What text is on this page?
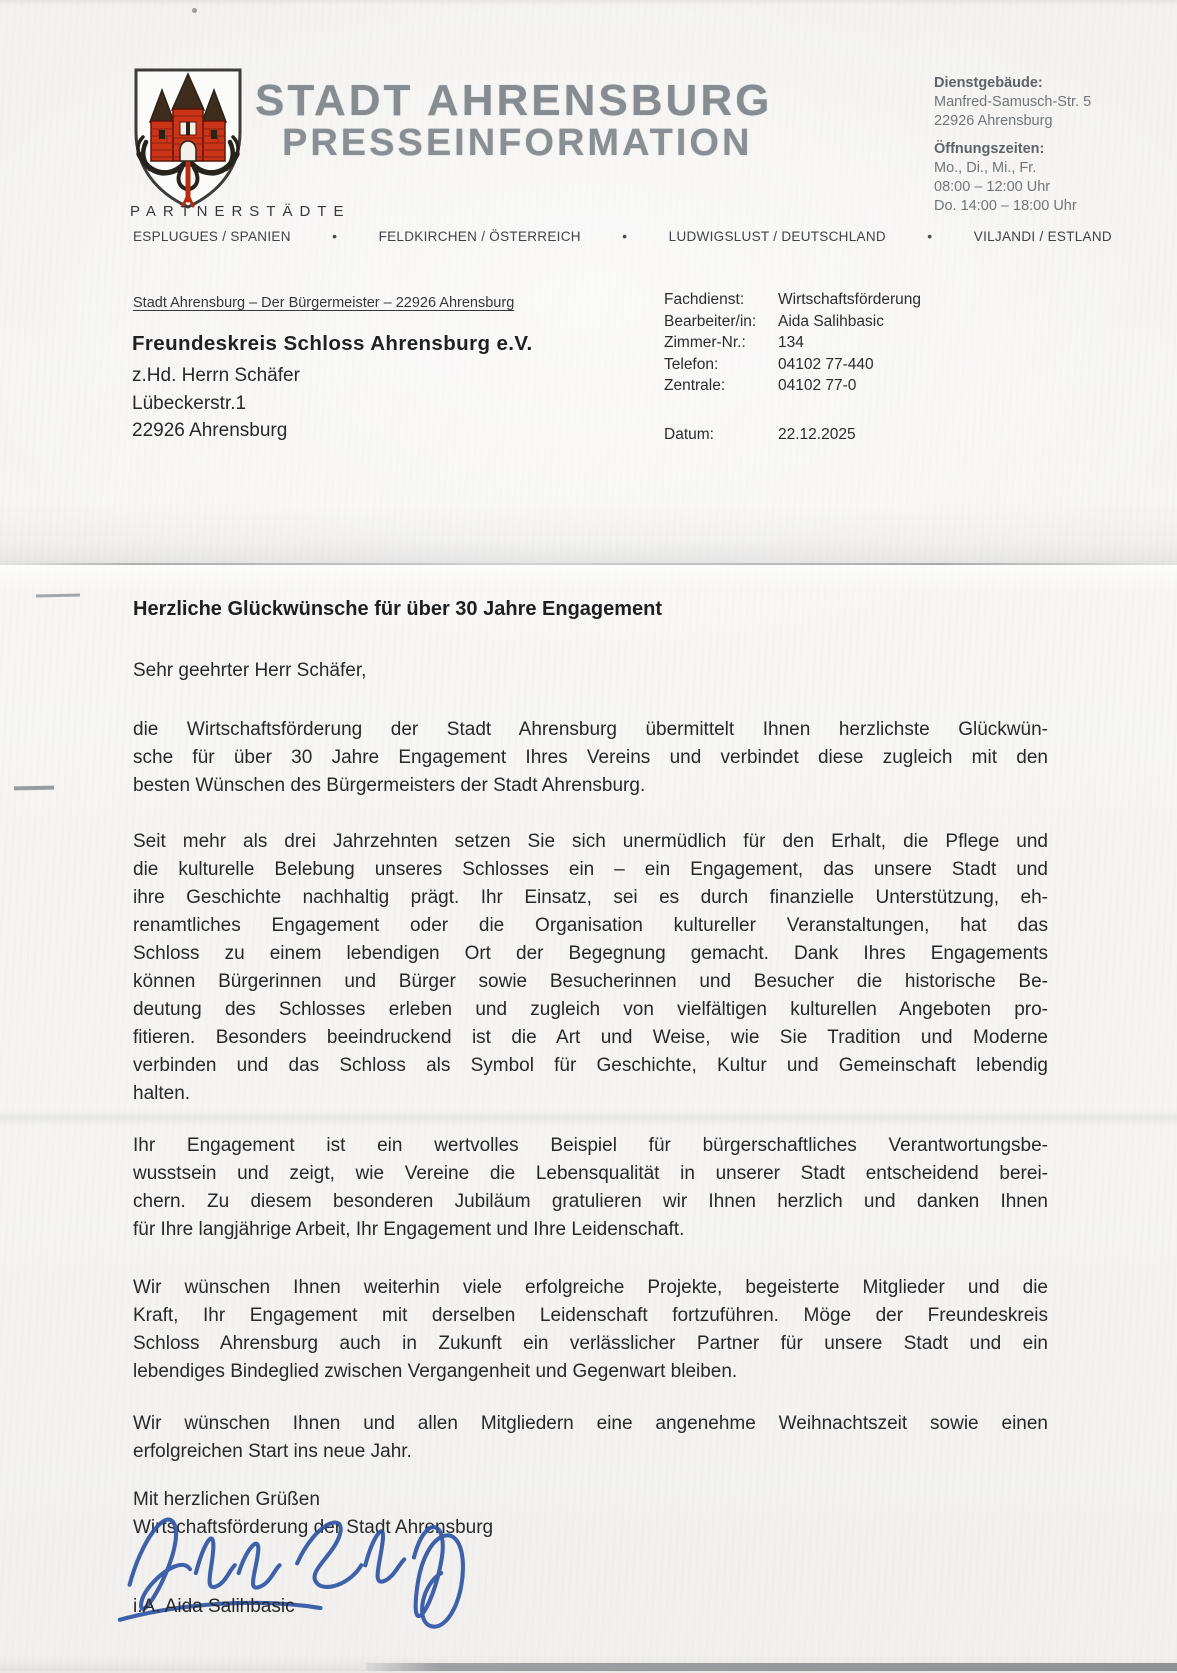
STADT AHRENSBURG
PRESSEINFORMATION
Dienstgebäude:
Manfred-Samusch-Str. 5
22926 Ahrensburg
Öffnungszeiten:
Mo., Di., Mi., Fr.
08:00 – 12:00 Uhr
Do. 14:00 – 18:00 Uhr
PARTNERSTÄDTE
ESPLUGUES / SPANIEN	•	FELDKIRCHEN / ÖSTERREICH	•	LUDWIGSLUST / DEUTSCHLAND	•	VILJANDI / ESTLAND
Stadt Ahrensburg – Der Bürgermeister – 22926 Ahrensburg
Freundeskreis Schloss Ahrensburg e.V.
z.Hd. Herrn Schäfer
Lübeckerstr.1
22926 Ahrensburg
Fachdienst:	Wirtschaftsförderung
Bearbeiter/in:	Aida Salihbasic
Zimmer-Nr.:	134
Telefon:	04102 77-440
Zentrale:	04102 77-0
Datum:	22.12.2025
Herzliche Glückwünsche für über 30 Jahre Engagement
Sehr geehrter Herr Schäfer,
die Wirtschaftsförderung der Stadt Ahrensburg übermittelt Ihnen herzlichste Glückwün-
sche für über 30 Jahre Engagement Ihres Vereins und verbindet diese zugleich mit den
besten Wünschen des Bürgermeisters der Stadt Ahrensburg.
Seit mehr als drei Jahrzehnten setzen Sie sich unermüdlich für den Erhalt, die Pflege und
die kulturelle Belebung unseres Schlosses ein – ein Engagement, das unsere Stadt und
ihre Geschichte nachhaltig prägt. Ihr Einsatz, sei es durch finanzielle Unterstützung, eh-
renamtliches Engagement oder die Organisation kultureller Veranstaltungen, hat das
Schloss zu einem lebendigen Ort der Begegnung gemacht. Dank Ihres Engagements
können Bürgerinnen und Bürger sowie Besucherinnen und Besucher die historische Be-
deutung des Schlosses erleben und zugleich von vielfältigen kulturellen Angeboten pro-
fitieren. Besonders beeindruckend ist die Art und Weise, wie Sie Tradition und Moderne
verbinden und das Schloss als Symbol für Geschichte, Kultur und Gemeinschaft lebendig
halten.
Ihr Engagement ist ein wertvolles Beispiel für bürgerschaftliches Verantwortungsbe-
wusstsein und zeigt, wie Vereine die Lebensqualität in unserer Stadt entscheidend berei-
chern. Zu diesem besonderen Jubiläum gratulieren wir Ihnen herzlich und danken Ihnen
für Ihre langjährige Arbeit, Ihr Engagement und Ihre Leidenschaft.
Wir wünschen Ihnen weiterhin viele erfolgreiche Projekte, begeisterte Mitglieder und die
Kraft, Ihr Engagement mit derselben Leidenschaft fortzuführen. Möge der Freundeskreis
Schloss Ahrensburg auch in Zukunft ein verlässlicher Partner für unsere Stadt und ein
lebendiges Bindeglied zwischen Vergangenheit und Gegenwart bleiben.
Wir wünschen Ihnen und allen Mitgliedern eine angenehme Weihnachtszeit sowie einen
erfolgreichen Start ins neue Jahr.
Mit herzlichen Grüßen
Wirtschaftsförderung der Stadt Ahrensburg
i.A. Aida Salihbasic
